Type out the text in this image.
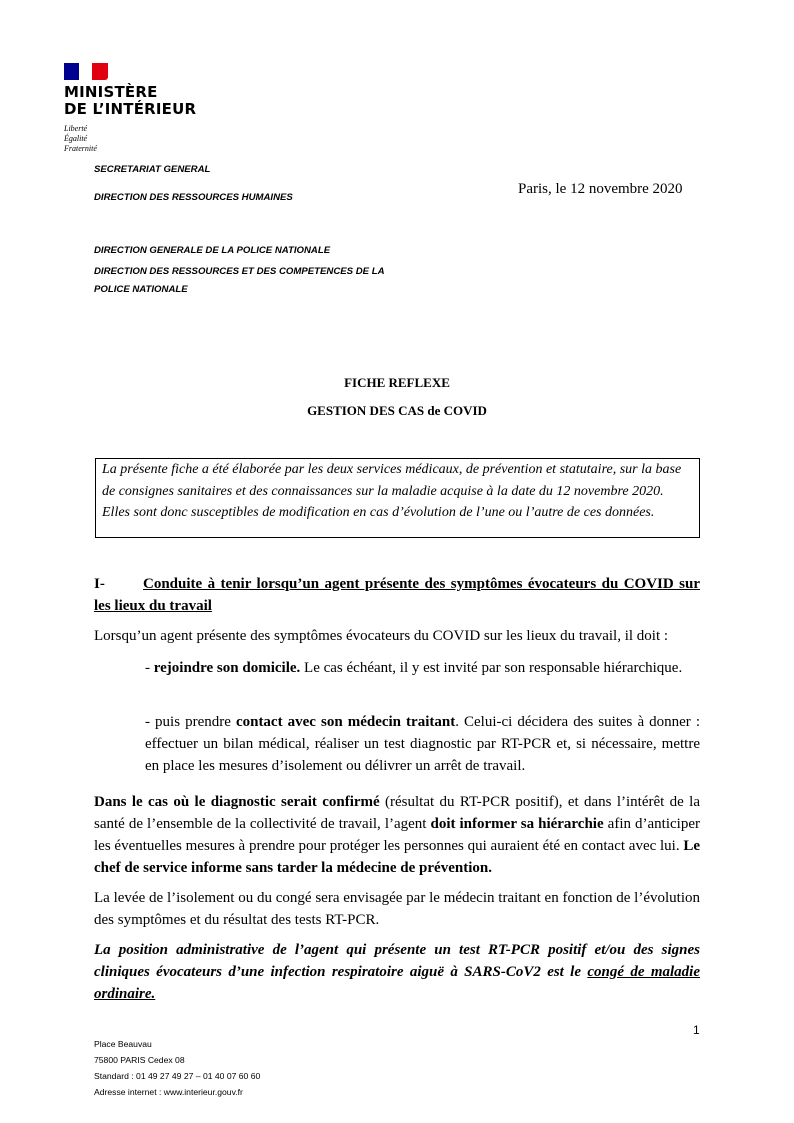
MINISTÈRE
DE L’INTÉRIEUR
Liberté
Égalité
Fraternité
SECRETARIAT GENERAL
DIRECTION DES RESSOURCES HUMAINES
DIRECTION GENERALE DE LA POLICE NATIONALE
DIRECTION DES RESSOURCES ET DES COMPETENCES DE LA
POLICE NATIONALE
Paris, le 12 novembre 2020
FICHE REFLEXE
GESTION DES CAS de COVID
La présente fiche a été élaborée par les deux services médicaux, de prévention et statutaire, sur la base de consignes sanitaires et des connaissances sur la maladie acquise à la date du 12 novembre 2020. Elles sont donc susceptibles de modification en cas d’évolution de l’une ou l’autre de ces données.
I-	Conduite à tenir lorsqu’un agent présente des symptômes évocateurs du COVID sur les lieux du travail
Lorsqu’un agent présente des symptômes évocateurs du COVID sur les lieux du travail, il doit :
- rejoindre son domicile. Le cas échéant, il y est invité par son responsable hiérarchique.
- puis prendre contact avec son médecin traitant. Celui-ci décidera des suites à donner : effectuer un bilan médical, réaliser un test diagnostic par RT-PCR et, si nécessaire, mettre en place les mesures d’isolement ou délivrer un arrêt de travail.
Dans le cas où le diagnostic serait confirmé (résultat du RT-PCR positif), et dans l’intérêt de la santé de l’ensemble de la collectivité de travail, l’agent doit informer sa hiérarchie afin d’anticiper les éventuelles mesures à prendre pour protéger les personnes qui auraient été en contact avec lui. Le chef de service informe sans tarder la médecine de prévention.
La levée de l’isolement ou du congé sera envisagée par le médecin traitant en fonction de l’évolution des symptômes et du résultat des tests RT-PCR.
La position administrative de l’agent qui présente un test RT-PCR positif et/ou des signes cliniques évocateurs d’une infection respiratoire aiguë à SARS-CoV2 est le congé de maladie ordinaire.
1
Place Beauvau
75800 PARIS Cedex 08
Standard : 01 49 27 49 27 – 01 40 07 60 60
Adresse internet : www.interieur.gouv.fr
